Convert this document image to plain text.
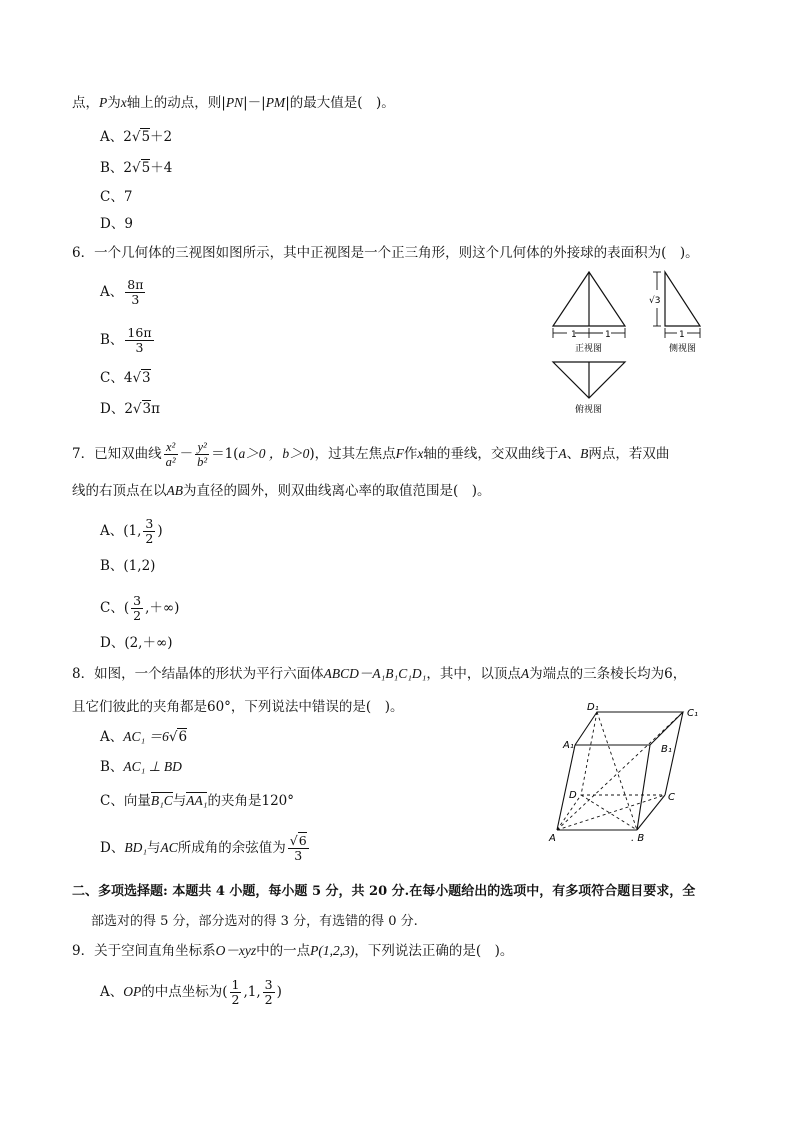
点，P为x轴上的动点，则|PN|－|PM|的最大值是(　)。
A、2√5＋2
B、2√5＋4
C、7
D、9
6．一个几何体的三视图如图所示，其中正视图是一个正三角形，则这个几何体的外接球的表面积为(　)。
A、 $\frac{8\pi}{3}$
B、 $\frac{16\pi}{3}$
C、4√3
D、2√3π
1	1
正视图
√3
1
侧视图
俯视图
7．已知双曲线 $\frac{\text{x²}}{\text{a²}} - \frac{\text{y²}}{\text{b²}} =1(a>0$ ，b＞0)，过其左焦点F作x轴的垂线，交双曲线于A、B两点，若双曲
线的右顶点在以AB为直径的圆外，则双曲线离心率的取值范围是(　)。
A、(1, $\frac{3}{2}$ )
B、(1,2)
C、( $\frac{3}{2}$ ,＋∞)
D、(2,＋∞)
8．如图，一个结晶体的形状为平行六面体ABCD－A₁B₁C₁D₁，其中，以顶点A为端点的三条棱长均为6，
且它们彼此的夹角都是60°，下列说法中错误的是(　)。
A、AC₁ ＝6√6
B、AC₁ ⊥ BD
C、向量B₁C与AA₁的夹角是120°
D、BD₁与AC所成角的余弦值为 $\frac{√6}{3}$
D₁
C₁
A₁	B₁
D	C
A	. B
二、多项选择题: 本题共 4 小题，每小题 5 分，共 20 分.在每小题给出的选项中，有多项符合题目要求，全
部选对的得 5 分，部分选对的得 3 分，有选错的得 0 分.
9．关于空间直角坐标系O－xyz中的一点P(1,2,3)，下列说法正确的是(　)。
A、OP的中点坐标为( $\frac{1}{2} ,1$, $\frac{3}{2}$ )
